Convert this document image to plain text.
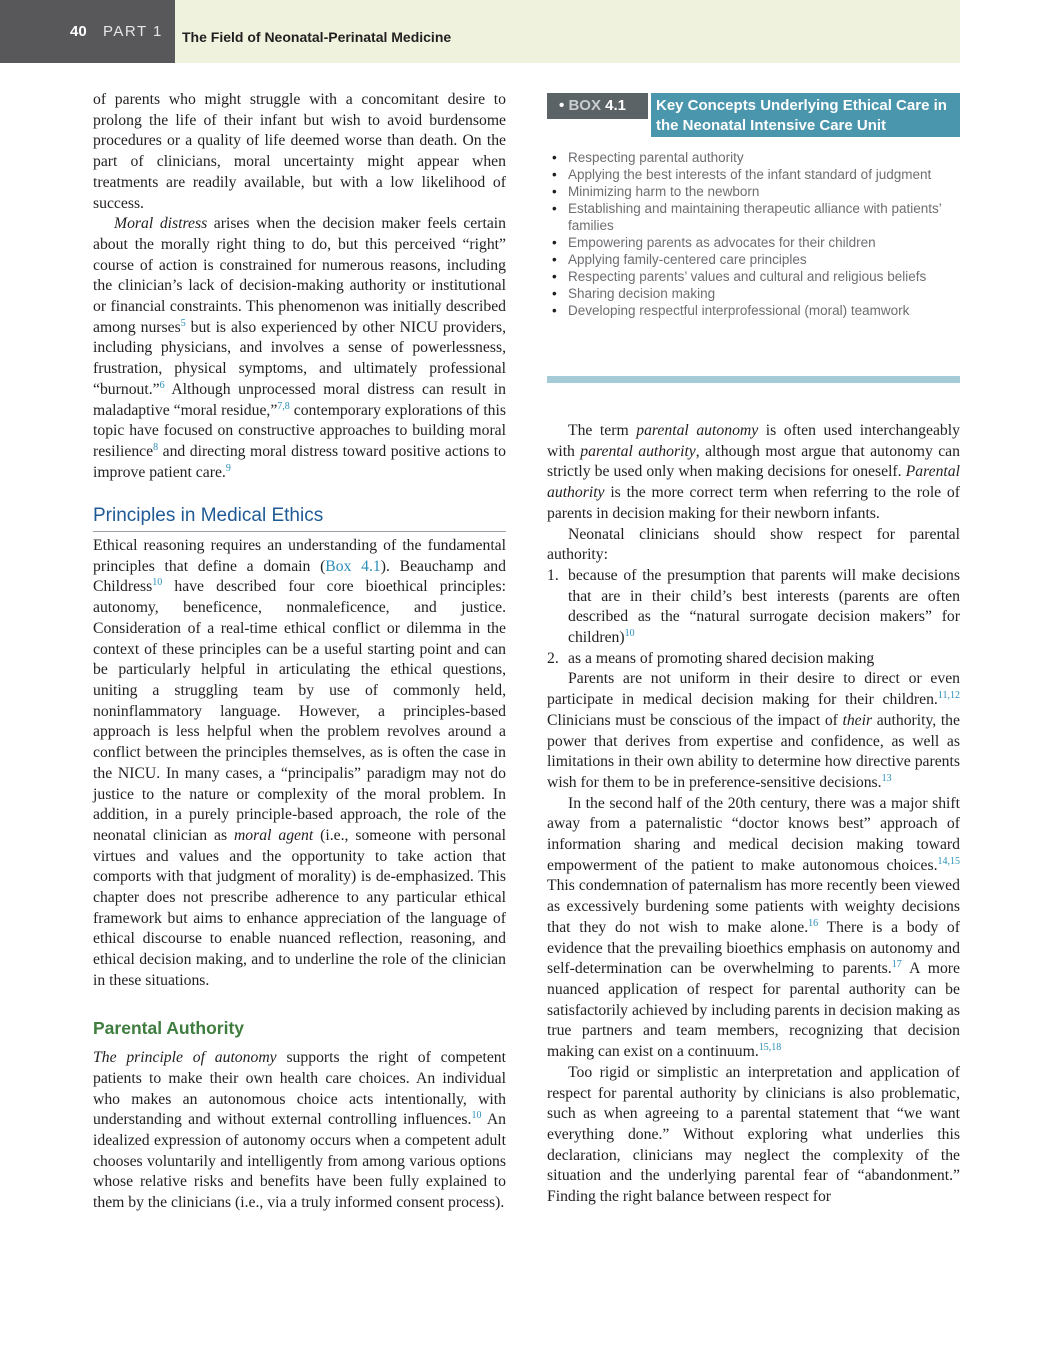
40 PART 1	The Field of Neonatal-Perinatal Medicine

of parents who might struggle with a concomitant desire to prolong the life of their infant but wish to avoid burdensome procedures or a quality of life deemed worse than death. On the part of clinicians, moral uncertainty might appear when treatments are readily available, but with a low likelihood of success.

Moral distress arises when the decision maker feels certain about the morally right thing to do, but this perceived “right” course of action is constrained for numerous reasons, including the clinician’s lack of decision-making authority or institutional or financial constraints. This phenomenon was initially described among nurses$^5$ but is also experienced by other NICU providers, including physicians, and involves a sense of powerlessness, frustration, physical symptoms, and ultimately professional “burnout.”$^6$ Although unprocessed moral distress can result in maladaptive “moral residue,”$^{7,8}$ contemporary explorations of this topic have focused on constructive approaches to building moral resilience$^8$ and directing moral distress toward positive actions to improve patient care.$^9$

Principles in Medical Ethics

Ethical reasoning requires an understanding of the fundamental principles that define a domain (Box 4.1). Beauchamp and Childress$^{10}$ have described four core bioethical principles: autonomy, beneficence, nonmaleficence, and justice. Consideration of a real-time ethical conflict or dilemma in the context of these principles can be a useful starting point and can be particularly helpful in articulating the ethical questions, uniting a struggling team by use of commonly held, noninflammatory language. However, a principles-based approach is less helpful when the problem revolves around a conflict between the principles themselves, as is often the case in the NICU. In many cases, a “principalis” paradigm may not do justice to the nature or complexity of the moral problem. In addition, in a purely principle-based approach, the role of the neonatal clinician as moral agent (i.e., someone with personal virtues and values and the opportunity to take action that comports with that judgment of morality) is de-emphasized. This chapter does not prescribe adherence to any particular ethical framework but aims to enhance appreciation of the language of ethical discourse to enable nuanced reflection, reasoning, and ethical decision making, and to underline the role of the clinician in these situations.

Parental Authority

The principle of autonomy supports the right of competent patients to make their own health care choices. An individual who makes an autonomous choice acts intentionally, with understanding and without external controlling influences.$^{10}$ An idealized expression of autonomy occurs when a competent adult chooses voluntarily and intelligently from among various options whose relative risks and benefits have been fully explained to them by the clinicians (i.e., via a truly informed consent process).

• BOX 4.1	Key Concepts Underlying Ethical Care in the Neonatal Intensive Care Unit
• Respecting parental authority
• Applying the best interests of the infant standard of judgment
• Minimizing harm to the newborn
• Establishing and maintaining therapeutic alliance with patients’ families
• Empowering parents as advocates for their children
• Applying family-centered care principles
• Respecting parents’ values and cultural and religious beliefs
• Sharing decision making
• Developing respectful interprofessional (moral) teamwork

The term parental autonomy is often used interchangeably with parental authority, although most argue that autonomy can strictly be used only when making decisions for oneself. Parental authority is the more correct term when referring to the role of parents in decision making for their newborn infants.

Neonatal clinicians should show respect for parental authority:

1. because of the presumption that parents will make decisions that are in their child’s best interests (parents are often described as the “natural surrogate decision makers” for children)$^{10}$
2. as a means of promoting shared decision making

Parents are not uniform in their desire to direct or even participate in medical decision making for their children.$^{11,12}$ Clinicians must be conscious of the impact of their authority, the power that derives from expertise and confidence, as well as limitations in their own ability to determine how directive parents wish for them to be in preference-sensitive decisions.$^{13}$

In the second half of the 20th century, there was a major shift away from a paternalistic “doctor knows best” approach of information sharing and medical decision making toward empowerment of the patient to make autonomous choices.$^{14,15}$ This condemnation of paternalism has more recently been viewed as excessively burdening some patients with weighty decisions that they do not wish to make alone.$^{16}$ There is a body of evidence that the prevailing bioethics emphasis on autonomy and self-determination can be overwhelming to parents.$^{17}$ A more nuanced application of respect for parental authority can be satisfactorily achieved by including parents in decision making as true partners and team members, recognizing that decision making can exist on a continuum.$^{15,18}$

Too rigid or simplistic an interpretation and application of respect for parental authority by clinicians is also problematic, such as when agreeing to a parental statement that “we want everything done.” Without exploring what underlies this declaration, clinicians may neglect the complexity of the situation and the underlying parental fear of “abandonment.” Finding the right balance between respect for
